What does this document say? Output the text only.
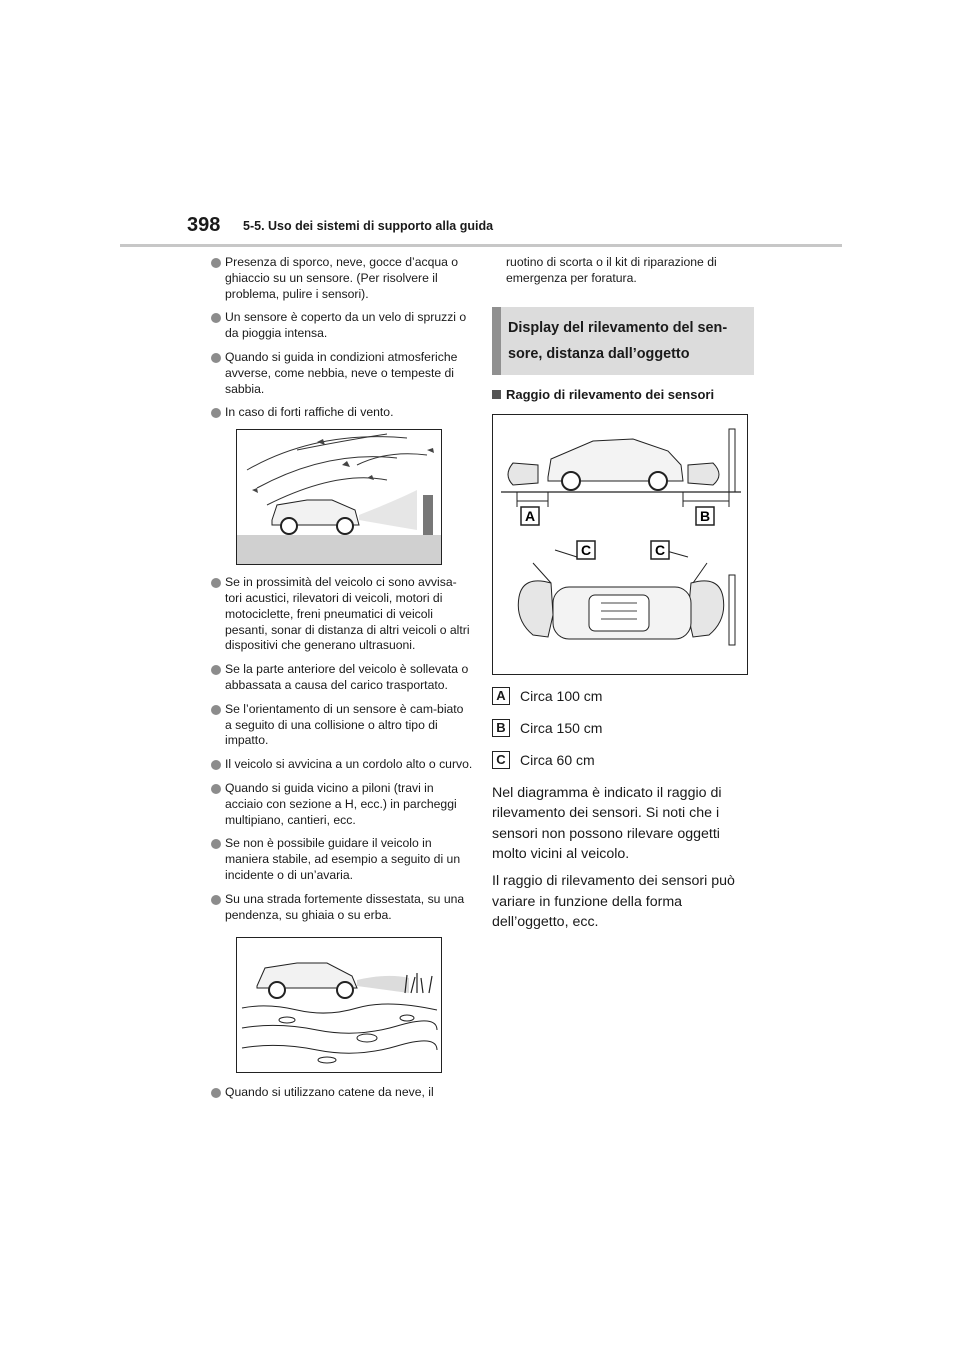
398 5-5. Uso dei sistemi di supporto alla guida
Presenza di sporco, neve, gocce d’acqua o ghiaccio su un sensore. (Per risolvere il problema, pulire i sensori).
Un sensore è coperto da un velo di spruzzi o da pioggia intensa.
Quando si guida in condizioni atmosferiche avverse, come nebbia, neve o tempeste di sabbia.
In caso di forti raffiche di vento.
Se in prossimità del veicolo ci sono avvisa-tori acustici, rilevatori di veicoli, motori di motociclette, freni pneumatici di veicoli pesanti, sonar di distanza di altri veicoli o altri dispositivi che generano ultrasuoni.
Se la parte anteriore del veicolo è sollevata o abbassata a causa del carico trasportato.
Se l’orientamento di un sensore è cam-biato a seguito di una collisione o altro tipo di impatto.
Il veicolo si avvicina a un cordolo alto o curvo.
Quando si guida vicino a piloni (travi in acciaio con sezione a H, ecc.) in parcheggi multipiano, cantieri, ecc.
Se non è possibile guidare il veicolo in maniera stabile, ad esempio a seguito di un incidente o di un’avaria.
Su una strada fortemente dissestata, su una pendenza, su ghiaia o su erba.
Quando si utilizzano catene da neve, il
ruotino di scorta o il kit di riparazione di emergenza per foratura.
Display del rilevamento del sen-sore, distanza dall’oggetto
Raggio di rilevamento dei sensori
A	B
C	C
A	Circa 100 cm
B	Circa 150 cm
C	Circa 60 cm

Nel diagramma è indicato il raggio di rilevamento dei sensori. Si noti che i sensori non possono rilevare oggetti molto vicini al veicolo.

Il raggio di rilevamento dei sensori può variare in funzione della forma dell’oggetto, ecc.
